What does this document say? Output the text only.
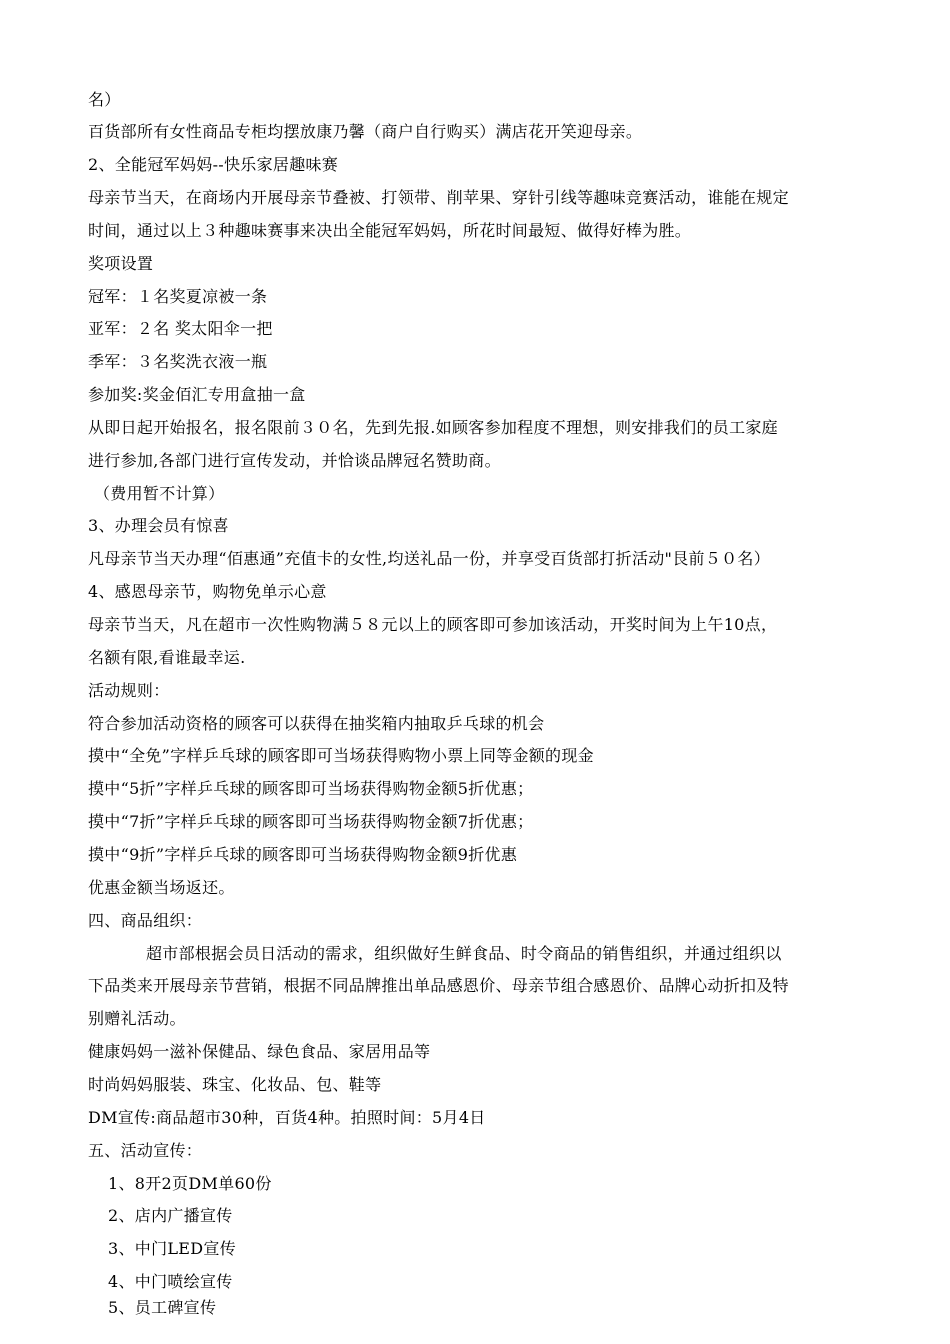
名）
百货部所有女性商品专柜均摆放康乃馨（商户自行购买）满店花开笑迎母亲。
2、全能冠军妈妈--快乐家居趣味赛
母亲节当天，在商场内开展母亲节叠被、打领带、削苹果、穿针引线等趣味竞赛活动，谁能在规定
时间，通过以上３种趣味赛事来决出全能冠军妈妈，所花时间最短、做得好棒为胜。
奖项设置
冠军：１名奖夏凉被一条
亚军：２名 奖太阳伞一把
季军：３名奖洗衣液一瓶
参加奖:奖金佰汇专用盒抽一盒
从即日起开始报名，报名限前３０名，先到先报.如顾客参加程度不理想，则安排我们的员工家庭
进行参加,各部门进行宣传发动，并恰谈品牌冠名赞助商。
（费用暂不计算）
3、办理会员有惊喜
凡母亲节当天办理“佰惠通”充值卡的女性,均送礼品一份，并享受百货部打折活动"艮前５０名）
4、感恩母亲节，购物免单示心意
母亲节当天，凡在超市一次性购物满５８元以上的顾客即可参加该活动，开奖时间为上午10点，
名额有限,看谁最幸运.
活动规则：
符合参加活动资格的顾客可以获得在抽奖箱内抽取乒乓球的机会
摸中“全免”字样乒乓球的顾客即可当场获得购物小票上同等金额的现金
摸中“5折”字样乒乓球的顾客即可当场获得购物金额5折优惠；
摸中“7折”字样乒乓球的顾客即可当场获得购物金额7折优惠；
摸中“9折”字样乒乓球的顾客即可当场获得购物金额9折优惠
优惠金额当场返还。
四、商品组织：
超市部根据会员日活动的需求，组织做好生鲜食品、时令商品的销售组织，并通过组织以
下品类来开展母亲节营销，根据不同品牌推出单品感恩价、母亲节组合感恩价、品牌心动折扣及特
别赠礼活动。
健康妈妈一滋补保健品、绿色食品、家居用品等
时尚妈妈服装、珠宝、化妆品、包、鞋等
DM宣传:商品超市30种，百货4种。拍照时间：5月4日
五、活动宣传：
1、8开2页DM单60份
2、店内广播宣传
3、中门LED宣传
4、中门喷绘宣传
5、员工碑宣传
